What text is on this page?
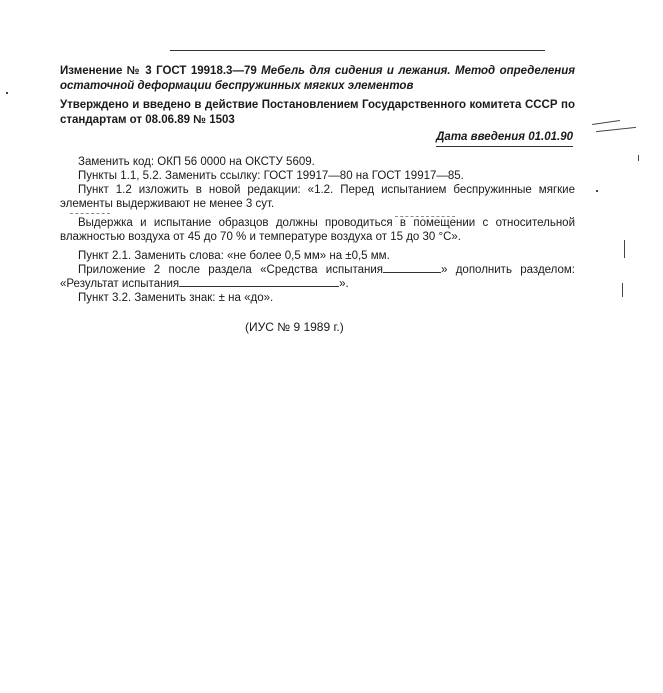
Изменение № 3 ГОСТ 19918.3—79 Мебель для сидения и лежания. Метод определения остаточной деформации беспружинных мягких элементов
Утверждено и введено в действие Постановлением Государственного комитета СССР по стандартам от 08.06.89 № 1503
Дата введения 01.01.90

Заменить код: ОКП 56 0000 на ОКСТУ 5609.

Пункты 1.1, 5.2. Заменить ссылку: ГОСТ 19917—80 на ГОСТ 19917—85.

Пункт 1.2 изложить в новой редакции: «1.2. Перед испытанием беспружинные мягкие элементы выдерживают не менее 3 сут.

Выдержка и испытание образцов должны проводиться в помещении с относительной влажностью воздуха от 45 до 70 % и температуре воздуха от 15 до 30 °С».

Пункт 2.1. Заменить слова: «не более 0,5 мм» на ±0,5 мм.

Приложение 2 после раздела «Средства испытания	» дополнить разделом: «Результат испытания	».

Пункт 3.2. Заменить знак: ± на «до».

(ИУС № 9 1989 г.)
